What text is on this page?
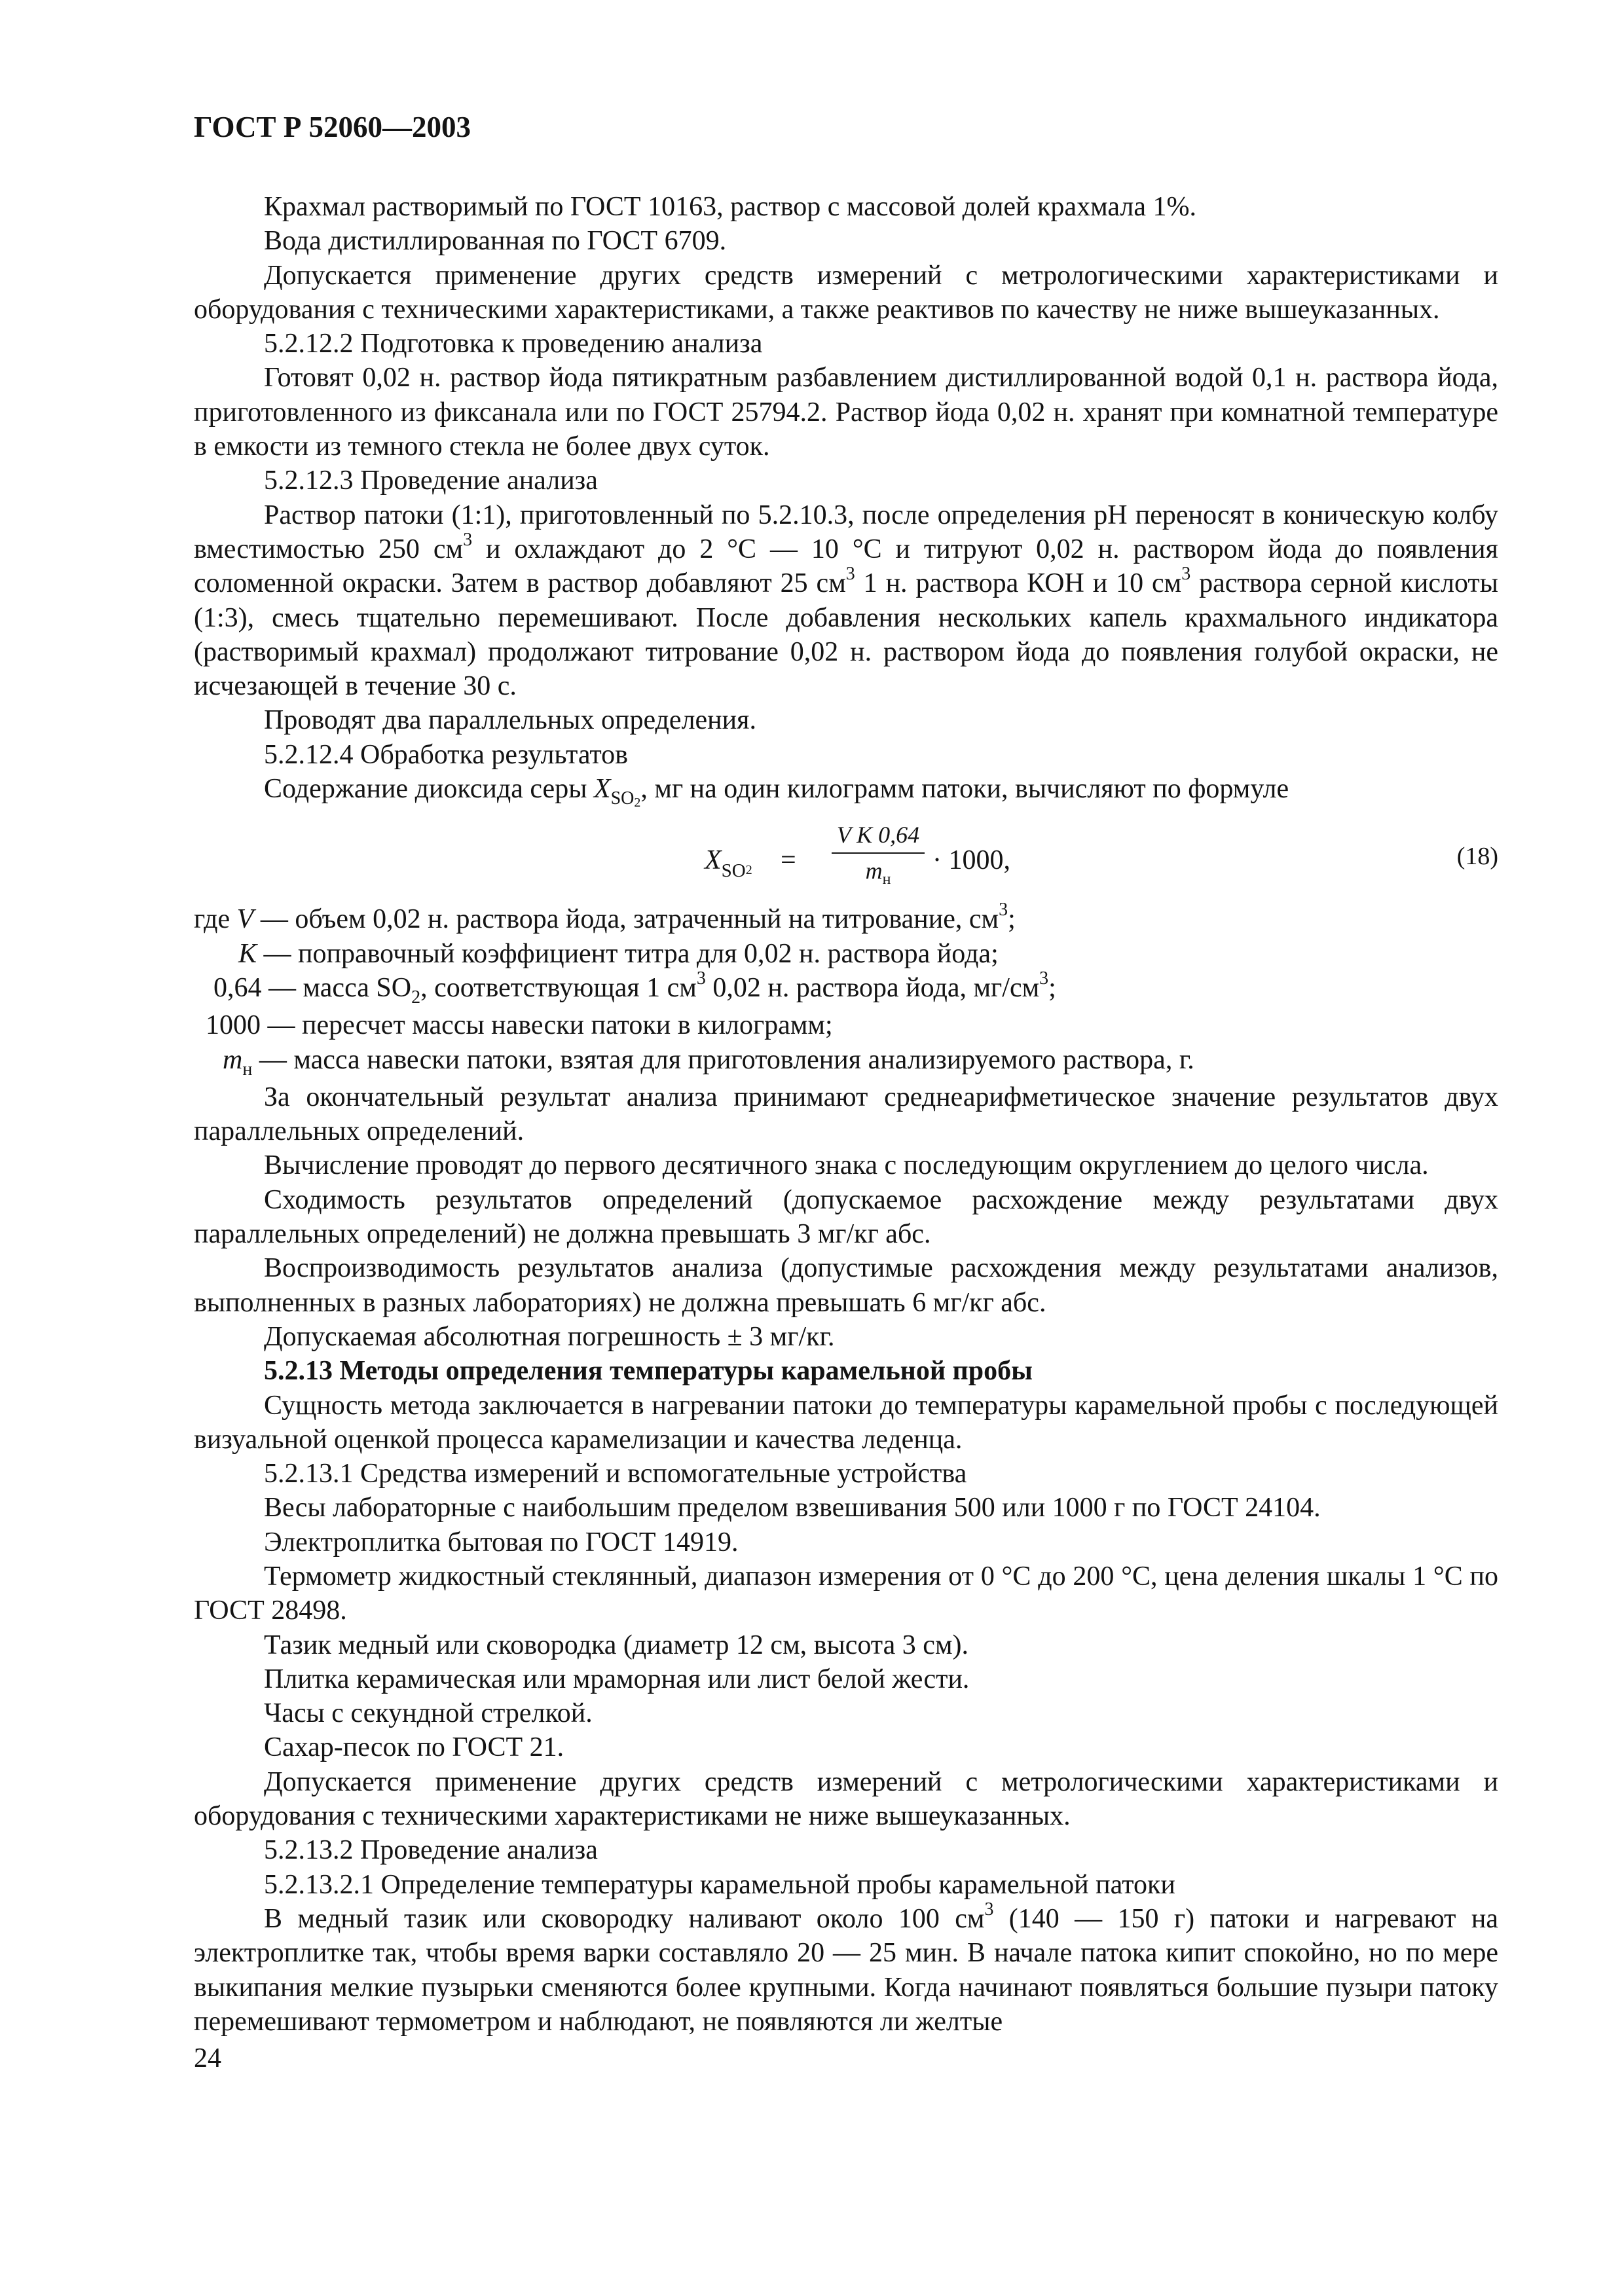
ГОСТ Р 52060—2003

Крахмал растворимый по ГОСТ 10163, раствор с массовой долей крахмала 1%.

Вода дистиллированная по ГОСТ 6709.

Допускается применение других средств измерений с метрологическими характеристиками и оборудования с техническими характеристиками, а также реактивов по качеству не ниже вышеуказанных.

5.2.12.2 Подготовка к проведению анализа

Готовят 0,02 н. раствор йода пятикратным разбавлением дистиллированной водой 0,1 н. раствора йода, приготовленного из фиксанала или по ГОСТ 25794.2. Раствор йода 0,02 н. хранят при комнатной температуре в емкости из темного стекла не более двух суток.

5.2.12.3 Проведение анализа

Раствор патоки (1:1), приготовленный по 5.2.10.3, после определения pH переносят в коническую колбу вместимостью 250 $см^3$ и охлаждают до 2 °С — 10 °С и титруют 0,02 н. раствором йода до появления соломенной окраски. Затем в раствор добавляют 25 $см^3$ 1 н. раствора КОН и 10 $см^3$ раствора серной кислоты (1:3), смесь тщательно перемешивают. После добавления нескольких капель крахмального индикатора (растворимый крахмал) продолжают титрование 0,02 н. раствором йода до появления голубой окраски, не исчезающей в течение 30 с.

Проводят два параллельных определения.

5.2.12.4 Обработка результатов

Содержание диоксида серы $X_{SO2}$, мг на один килограмм патоки, вычисляют по формуле

$X_{SO}2$ =
V K 0,64
$m_н$
· 1000,	(18)

где V — объем 0,02 н. раствора йода, затраченный на титрование, $см^3$;

K — поправочный коэффициент титра для 0,02 н. раствора йода;

0,64 — масса $SO_2$, соответствующая 1 $см^3$ 0,02 н. раствора йода, $мг/см^3$;

1000 — пересчет массы навески патоки в килограмм;

$m_н$ — масса навески патоки, взятая для приготовления анализируемого раствора, г.

За окончательный результат анализа принимают среднеарифметическое значение результатов двух параллельных определений.

Вычисление проводят до первого десятичного знака с последующим округлением до целого числа.

Сходимость результатов определений (допускаемое расхождение между результатами двух параллельных определений) не должна превышать 3 мг/кг абс.

Воспроизводимость результатов анализа (допустимые расхождения между результатами анализов, выполненных в разных лабораториях) не должна превышать 6 мг/кг абс.

Допускаемая абсолютная погрешность ± 3 мг/кг.

5.2.13 Методы определения температуры карамельной пробы

Сущность метода заключается в нагревании патоки до температуры карамельной пробы с последующей визуальной оценкой процесса карамелизации и качества леденца.

5.2.13.1 Средства измерений и вспомогательные устройства

Весы лабораторные с наибольшим пределом взвешивания 500 или 1000 г по ГОСТ 24104.

Электроплитка бытовая по ГОСТ 14919.

Термометр жидкостный стеклянный, диапазон измерения от 0 °С до 200 °С, цена деления шкалы 1 °С по ГОСТ 28498.

Тазик медный или сковородка (диаметр 12 см, высота 3 см).

Плитка керамическая или мраморная или лист белой жести.

Часы с секундной стрелкой.

Сахар-песок по ГОСТ 21.

Допускается применение других средств измерений с метрологическими характеристиками и оборудования с техническими характеристиками не ниже вышеуказанных.

5.2.13.2 Проведение анализа

5.2.13.2.1 Определение температуры карамельной пробы карамельной патоки

В медный тазик или сковородку наливают около 100 $см^3$ (140 — 150 г) патоки и нагревают на электроплитке так, чтобы время варки составляло 20 — 25 мин. В начале патока кипит спокойно, но по мере выкипания мелкие пузырьки сменяются более крупными. Когда начинают появляться большие пузыри патоку перемешивают термометром и наблюдают, не появляются ли желтые

24
